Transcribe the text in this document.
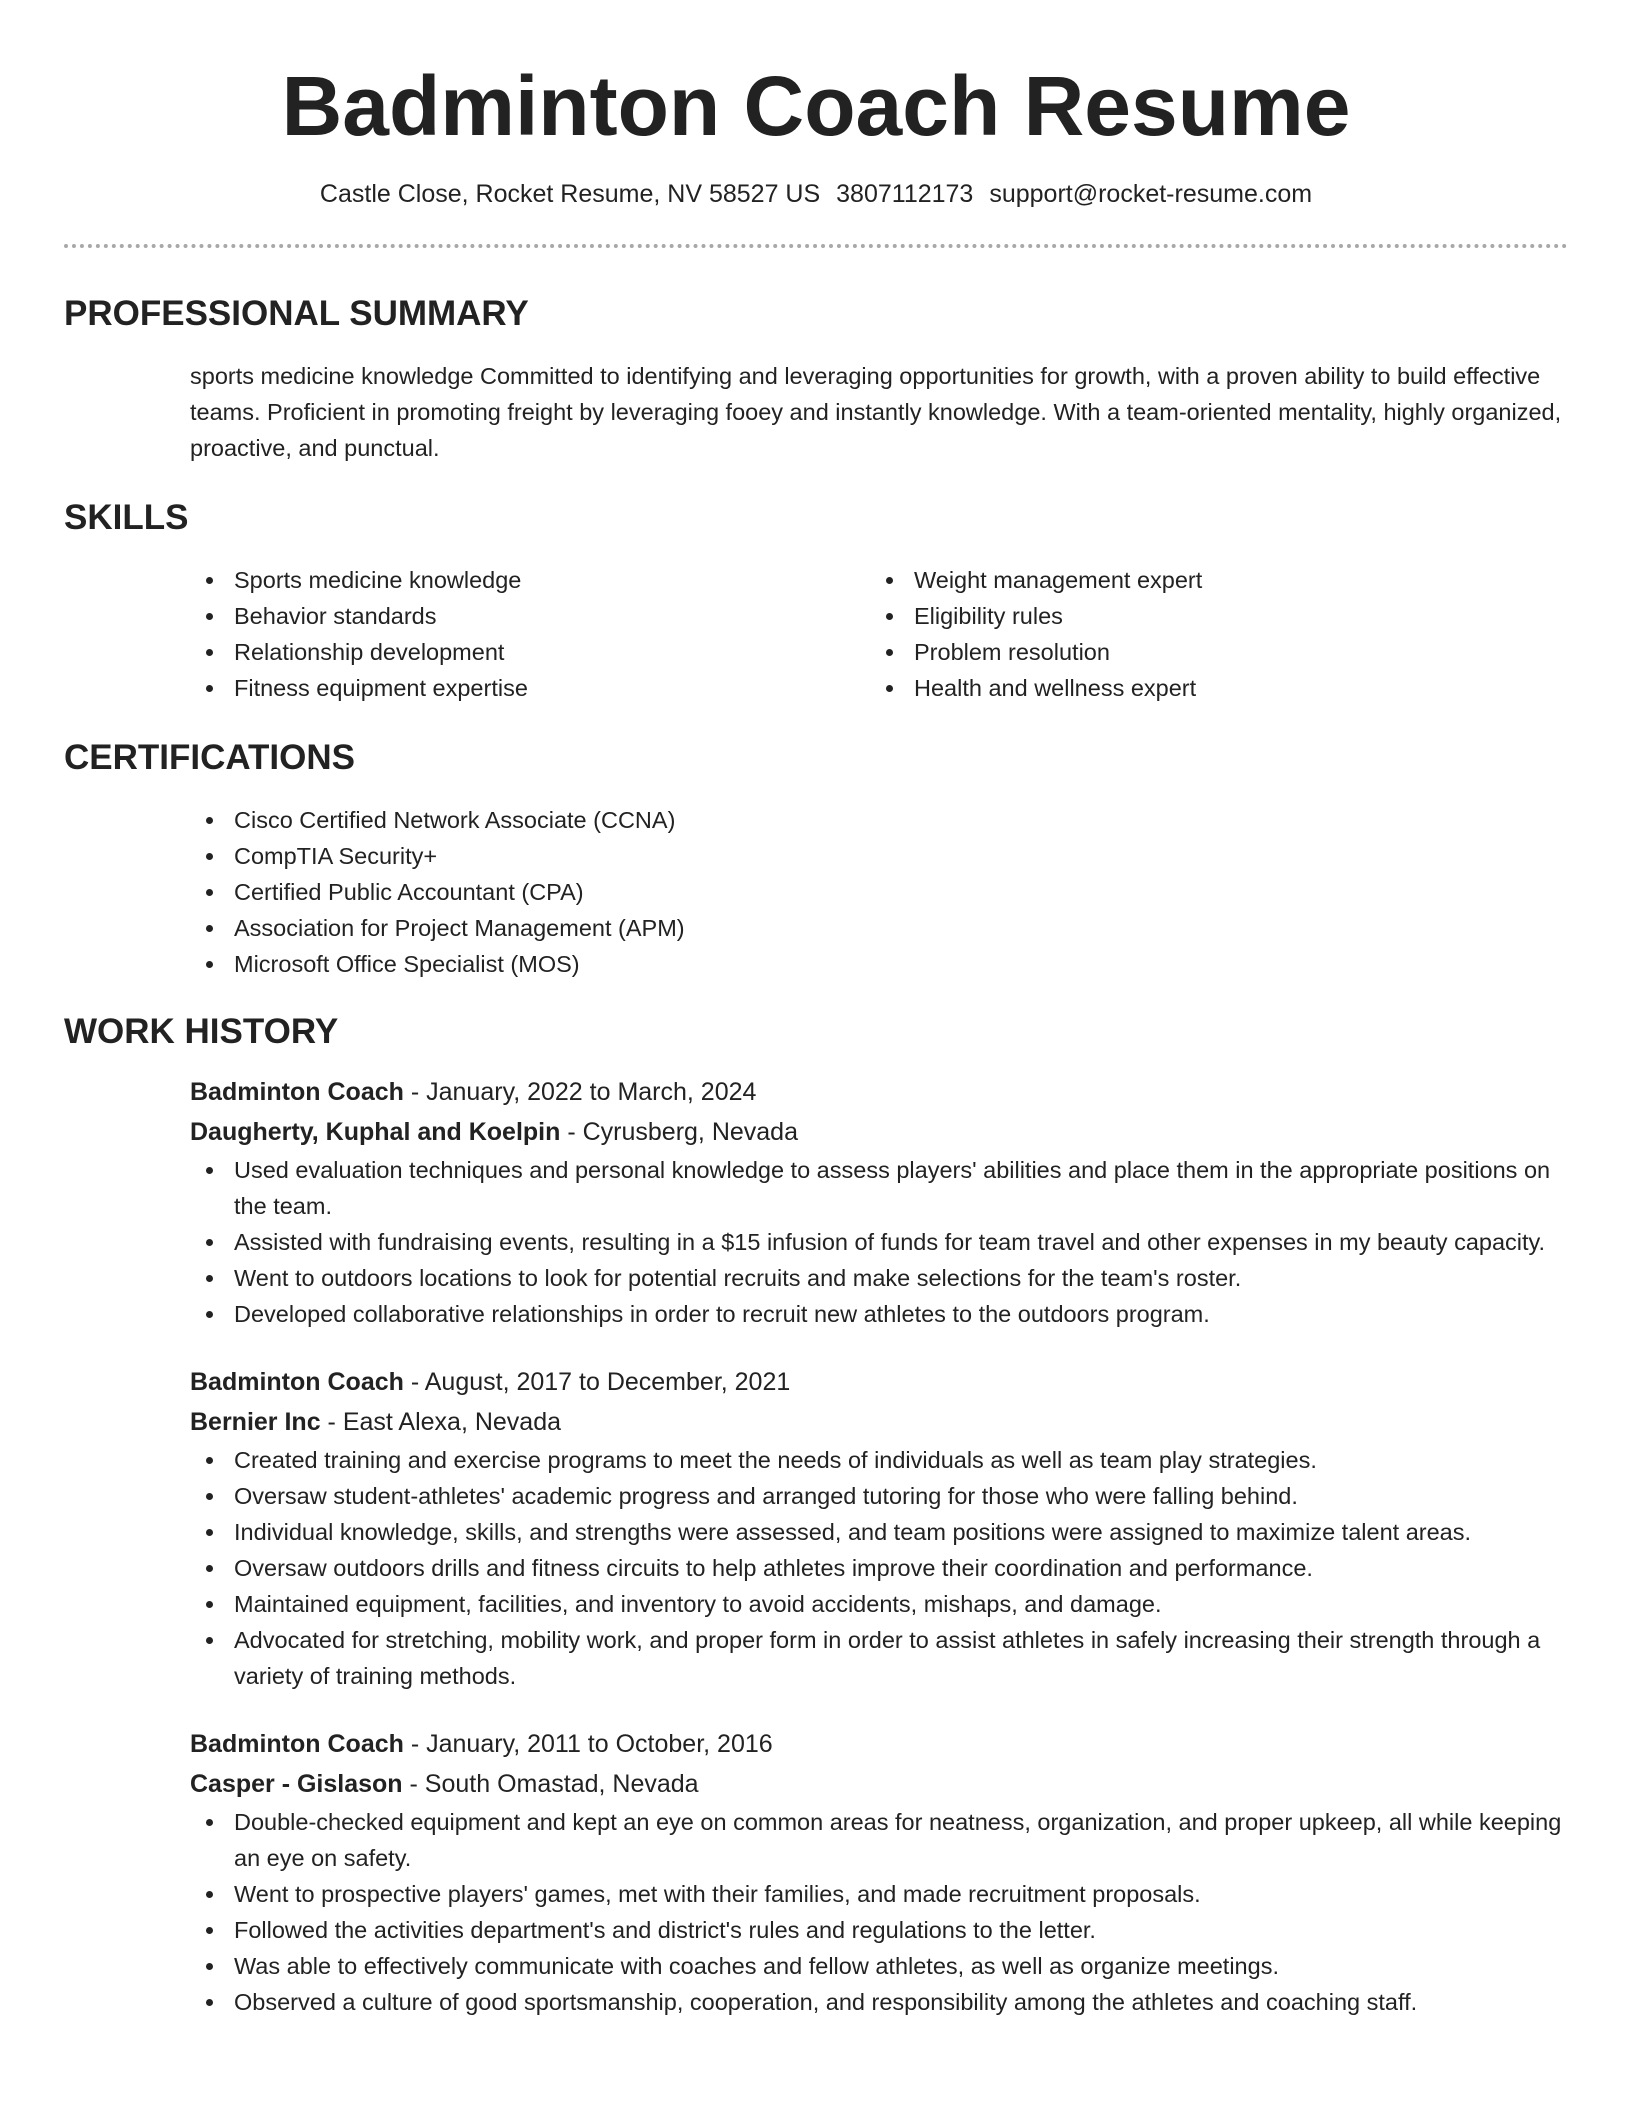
Badminton Coach Resume
Castle Close, Rocket Resume, NV 58527 US 3807112173 support@rocket-resume.com
PROFESSIONAL SUMMARY

sports medicine knowledge Committed to identifying and leveraging opportunities for growth, with a proven ability to build effective teams. Proficient in promoting freight by leveraging fooey and instantly knowledge. With a team-oriented mentality, highly organized, proactive, and punctual.

SKILLS
Sports medicine knowledge
Behavior standards
Relationship development
Fitness equipment expertise
Weight management expert
Eligibility rules
Problem resolution
Health and wellness expert
CERTIFICATIONS
Cisco Certified Network Associate (CCNA)
CompTIA Security+
Certified Public Accountant (CPA)
Association for Project Management (APM)
Microsoft Office Specialist (MOS)
WORK HISTORY
Badminton Coach - January, 2022 to March, 2024
Daugherty, Kuphal and Koelpin - Cyrusberg, Nevada
Used evaluation techniques and personal knowledge to assess players' abilities and place them in the appropriate positions on the team.
Assisted with fundraising events, resulting in a $15 infusion of funds for team travel and other expenses in my beauty capacity.
Went to outdoors locations to look for potential recruits and make selections for the team's roster.
Developed collaborative relationships in order to recruit new athletes to the outdoors program.
Badminton Coach - August, 2017 to December, 2021
Bernier Inc - East Alexa, Nevada
Created training and exercise programs to meet the needs of individuals as well as team play strategies.
Oversaw student-athletes' academic progress and arranged tutoring for those who were falling behind.
Individual knowledge, skills, and strengths were assessed, and team positions were assigned to maximize talent areas.
Oversaw outdoors drills and fitness circuits to help athletes improve their coordination and performance.
Maintained equipment, facilities, and inventory to avoid accidents, mishaps, and damage.
Advocated for stretching, mobility work, and proper form in order to assist athletes in safely increasing their strength through a variety of training methods.
Badminton Coach - January, 2011 to October, 2016
Casper - Gislason - South Omastad, Nevada
Double-checked equipment and kept an eye on common areas for neatness, organization, and proper upkeep, all while keeping an eye on safety.
Went to prospective players' games, met with their families, and made recruitment proposals.
Followed the activities department's and district's rules and regulations to the letter.
Was able to effectively communicate with coaches and fellow athletes, as well as organize meetings.
Observed a culture of good sportsmanship, cooperation, and responsibility among the athletes and coaching staff.
